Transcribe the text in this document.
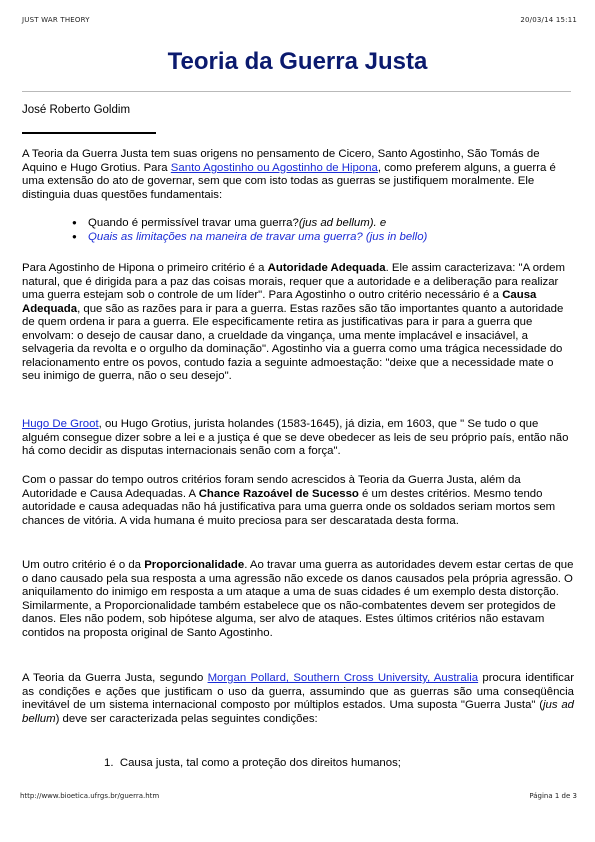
JUST WAR THEORY	20/03/14 15:11
Teoria da Guerra Justa
José Roberto Goldim

A Teoria da Guerra Justa tem suas origens no pensamento de Cicero, Santo Agostinho, São Tomás de Aquino e Hugo Grotius. Para Santo Agostinho ou Agostinho de Hipona, como preferem alguns, a guerra é uma extensão do ato de governar, sem que com isto todas as guerras se justifiquem moralmente. Ele distinguia duas questões fundamentais:

● Quando é permissível travar uma guerra?(jus ad bellum). e
● Quais as limitações na maneira de travar uma guerra? (jus in bello)

Para Agostinho de Hipona o primeiro critério é a Autoridade Adequada. Ele assim caracterizava: "A ordem natural, que é dirigida para a paz das coisas morais, requer que a autoridade e a deliberação para realizar uma guerra estejam sob o controle de um líder". Para Agostinho o outro critério necessário é a Causa Adequada, que são as razões para ir para a guerra. Estas razões são tão importantes quanto a autoridade de quem ordena ir para a guerra. Ele especificamente retira as justificativas para ir para a guerra que envolvam: o desejo de causar dano, a crueldade da vingança, uma mente implacável e insaciável, a selvageria da revolta e o orgulho da dominação". Agostinho via a guerra como uma trágica necessidade do relacionamento entre os povos, contudo fazia a seguinte admoestação: "deixe que a necessidade mate o seu inimigo de guerra, não o seu desejo".

Hugo De Groot, ou Hugo Grotius, jurista holandes (1583-1645), já dizia, em 1603, que " Se tudo o que alguém consegue dizer sobre a lei e a justiça é que se deve obedecer as leis de seu próprio país, então não há como decidir as disputas internacionais senão com a força".

Com o passar do tempo outros critérios foram sendo acrescidos à Teoria da Guerra Justa, além da Autoridade e Causa Adequadas. A Chance Razoável de Sucesso é um destes critérios. Mesmo tendo autoridade e causa adequadas não há justificativa para uma guerra onde os soldados seriam mortos sem chances de vitória. A vida humana é muito preciosa para ser descaratada desta forma.

Um outro critério é o da Proporcionalidade. Ao travar uma guerra as autoridades devem estar certas de que o dano causado pela sua resposta a uma agressão não excede os danos causados pela própria agressão. O aniquilamento do inimigo em resposta a um ataque a uma de suas cidades é um exemplo desta distorção. Similarmente, a Proporcionalidade também estabelece que os não-combatentes devem ser protegidos de danos. Eles não podem, sob hipótese alguma, ser alvo de ataques. Estes últimos critérios não estavam contidos na proposta original de Santo Agostinho.

A Teoria da Guerra Justa, segundo Morgan Pollard, Southern Cross University, Australia procura identificar as condições e ações que justificam o uso da guerra, assumindo que as guerras são uma conseqüência inevitável de um sistema internacional composto por múltiplos estados. Uma suposta "Guerra Justa" (jus ad bellum) deve ser caracterizada pelas seguintes condições:

1. Causa justa, tal como a proteção dos direitos humanos;
http://www.bioetica.ufrgs.br/guerra.htm	Página 1 de 3
